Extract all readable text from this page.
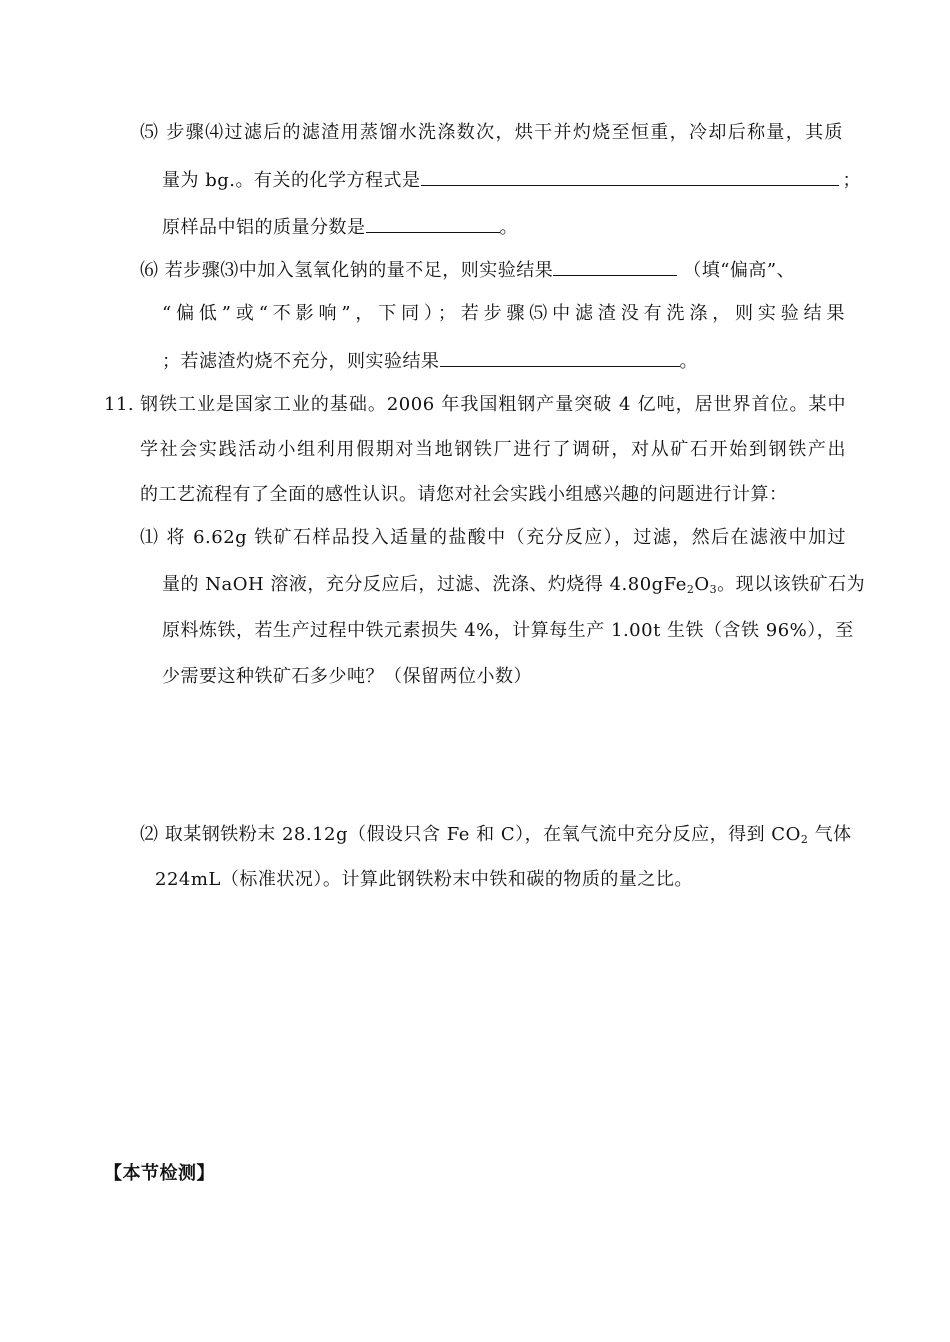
⑸ 步骤⑷过滤后的滤渣用蒸馏水洗涤数次，烘干并灼烧至恒重，冷却后称量，其质
量为 bg.。有关的化学方程式是	；
原样品中铝的质量分数是	。
⑹ 若步骤⑶中加入氢氧化钠的量不足，则实验结果	（填“偏高”、
“偏低”或“不影响”，下同）；若步骤⑸中滤渣没有洗涤，则实验结果
；若滤渣灼烧不充分，则实验结果	。
11. 钢铁工业是国家工业的基础。2006 年我国粗钢产量突破 4 亿吨，居世界首位。某中
学社会实践活动小组利用假期对当地钢铁厂进行了调研，对从矿石开始到钢铁产出
的工艺流程有了全面的感性认识。请您对社会实践小组感兴趣的问题进行计算：
⑴ 将 6.62g 铁矿石样品投入适量的盐酸中（充分反应），过滤，然后在滤液中加过
量的 NaOH 溶液，充分反应后，过滤、洗涤、灼烧得 $4.80gFe_2O_3$。现以该铁矿石为
原料炼铁，若生产过程中铁元素损失 4%，计算每生产 1.00t 生铁（含铁 96%），至
少需要这种铁矿石多少吨？（保留两位小数）
⑵ 取某钢铁粉末 28.12g（假设只含 Fe 和 C），在氧气流中充分反应，得到 $CO_2$ 气体
224mL（标准状况）。计算此钢铁粉末中铁和碳的物质的量之比。
【本节检测】
